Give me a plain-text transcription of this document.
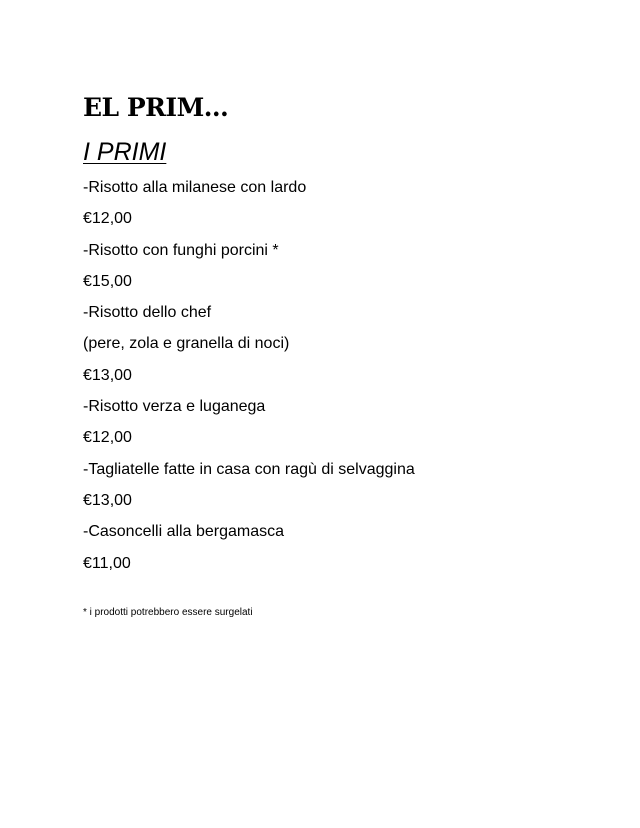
EL PRIM…
I PRIMI
-Risotto alla milanese con lardo
€12,00
-Risotto con funghi porcini *
€15,00
-Risotto dello chef
(pere, zola e granella di noci)
€13,00
-Risotto verza e luganega
€12,00
-Tagliatelle fatte in casa con ragù di selvaggina
€13,00
-Casoncelli alla bergamasca
€11,00

* i prodotti potrebbero essere surgelati
